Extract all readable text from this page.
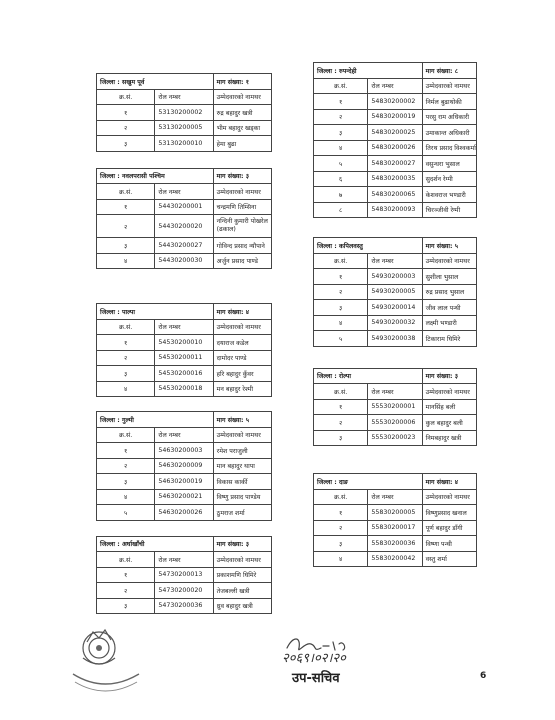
जिल्ला : सखुम पूर्व		माग संख्या: १
क्र.सं.	रोल नम्बर	उम्मेदवारको नामथर
१	53130200002	रुद्र बहादुर खत्री
२	53130200005	भीम बहादुर खड्का
३	53130200010	हेमा बुढा
जिल्ला : नवलपरासी पश्चिम		माग संख्या: ३
क्र.सं.	रोल नम्बर	उम्मेदवारको नामथर
१	54430200001	चन्द्रमणि तिम्सिना
२	54430200020	नन्दिनी कुमारी पोखरेल (ढकाल)
३	54430200027	गोविन्द प्रसाद न्यौपाने
४	54430200030	अर्जुन प्रसाद पाण्डे
जिल्ला : पाल्पा		माग संख्या: ४
क्र.सं.	रोल नम्बर	उम्मेदवारको नामथर
१	54530200010	दयाराज कडेल
२	54530200011	दामोदर पाण्डे
३	54530200016	हरि बहादुर कुँवर
४	54530200018	मन बहादुर रेश्मी
जिल्ला : गुल्मी		माग संख्या: ५
क्र.सं.	रोल नम्बर	उम्मेदवारको नामथर
१	54630200003	रमेश पराजुली
२	54630200009	मान बहादुर थापा
३	54630200019	विकास कार्की
४	54630200021	विष्णु प्रसाद पाण्डेय
५	54630200026	ठुमराज शर्मा
जिल्ला : अर्घाखाँची		माग संख्या: ३
क्र.सं.	रोल नम्बर	उम्मेदवारको नामथर
१	54730200013	प्रकाशमणि घिमिरे
२	54730200020	तेजबल्ली खत्री
३	54730200036	ध्रुव बहादुर खत्री
जिल्ला : रुपन्देही		माग संख्या: ८
क्र.सं.	रोल नम्बर	उम्मेदवारको नामथर
१	54830200002	निर्मल बुढाथोकी
२	54830200019	परसु राम अधिकारी
३	54830200025	उमाकान्त अधिकारी
४	54830200026	तिरथ प्रसाद विश्वकर्मा
५	54830200027	वसुन्धरा भुसाल
६	54830200035	सुदर्शन रेग्मी
७	54830200065	केशवराज भण्डारी
८	54830200093	चिरञ्जीवी रेग्मी
जिल्ला : कपिलवस्तु		माग संख्या: ५
क्र.सं.	रोल नम्बर	उम्मेदवारको नामथर
१	54930200003	सुशीला भुसाल
२	54930200005	रुद्र प्रसाद भुसाल
३	54930200014	जीव लाल पन्थी
४	54930200032	लक्ष्मी भण्डारी
५	54930200038	टिकाराम घिमिरे
जिल्ला : रोल्पा		माग संख्या: ३
क्र.सं.	रोल नम्बर	उम्मेदवारको नामथर
१	55530200001	मानसिंह बली
२	55530200006	कुल बहादुर बली
३	55530200023	निमबहादुर खत्री
जिल्ला : दाङ		माग संख्या: ४
क्र.सं.	रोल नम्बर	उम्मेदवारको नामथर
१	55830200005	विष्णुप्रसाद खनाल
२	55830200017	पूर्ण बहादुर डाँगी
३	55830200036	विष्णा पन्थी
४	55830200042	वस्तु शर्मा
२०६९।०२।२०
उप-सचिव	6
